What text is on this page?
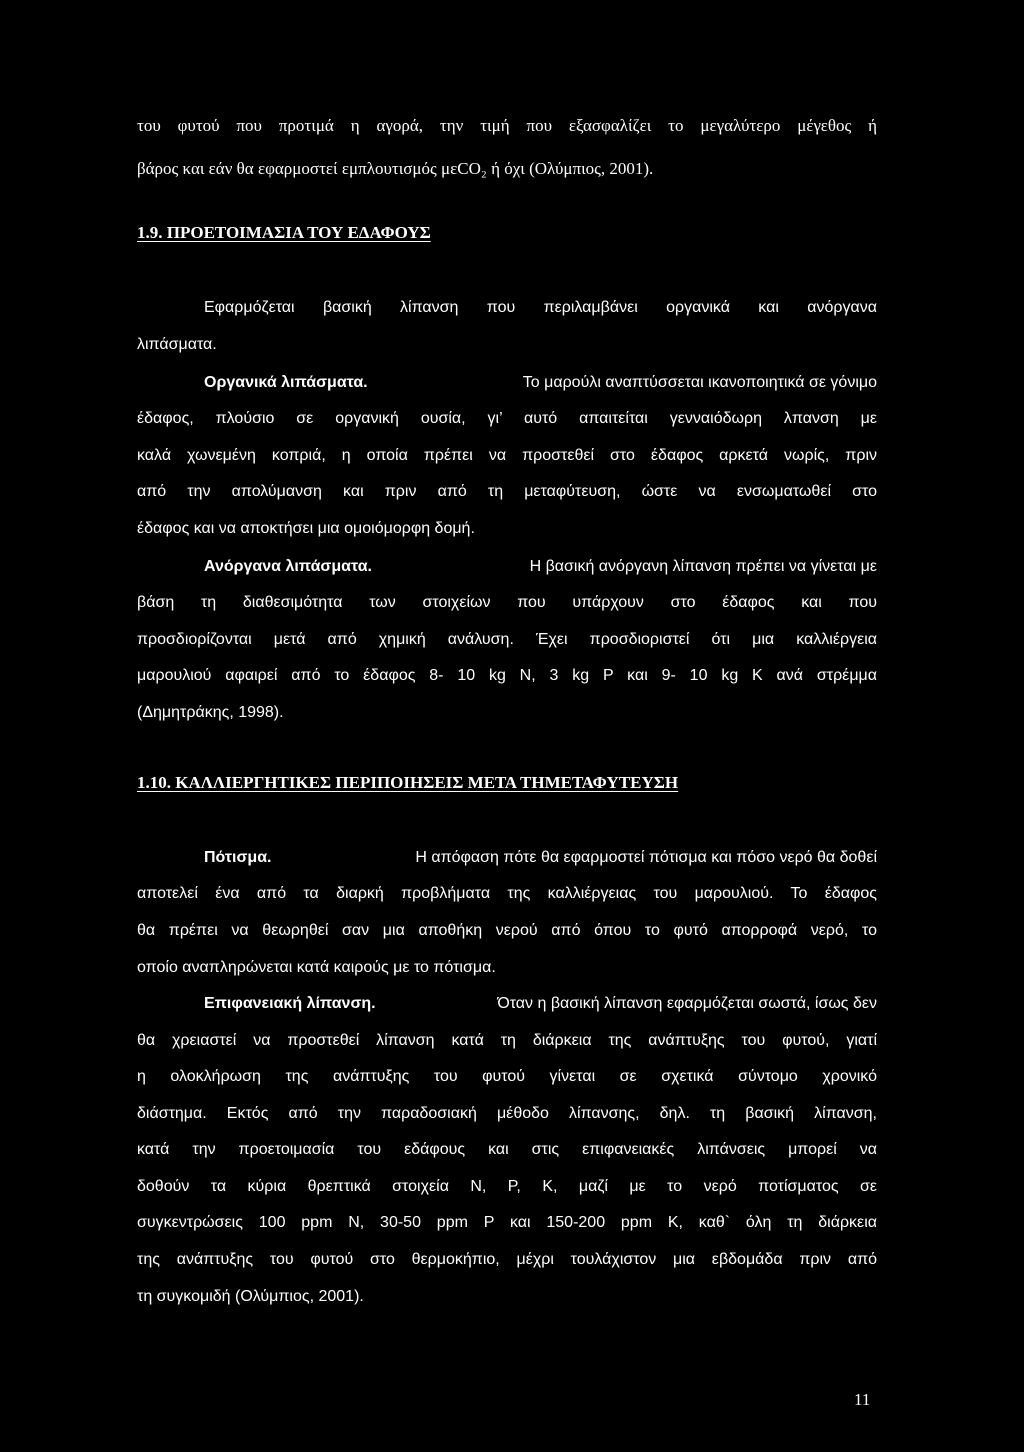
του φυτού που προτιμά η αγορά, την τιμή που εξασφαλίζει το μεγαλύτερο μέγεθος ή
βάρος και εάν θα εφαρμοστεί εμπλουτισμός μεCO₂ ή όχι (Ολύμπιος, 2001).
1.9. ΠΡΟΕΤΟΙΜΑΣΙΑ ΤΟΥ ΕΔΑΦΟΥΣ
Εφαρμόζεται βασική λίπανση που περιλαμβάνει οργανικά και ανόργανα
λιπάσματα.
Οργανικά λιπάσματα.	Το μαρούλι αναπτύσσεται ικανοποιητικά σε γόνιμο
έδαφος, πλούσιο σε οργανική ουσία, γι’ αυτό απαιτείται γενναιόδωρη λπανση με
καλά χωνεμένη κοπριά, η οποία πρέπει να προστεθεί στο έδαφος αρκετά νωρίς, πριν
από την απολύμανση και πριν από τη μεταφύτευση, ώστε να ενσωματωθεί στο
έδαφος και να αποκτήσει μια ομοιόμορφη δομή.
Ανόργανα λιπάσματα.	Η βασική ανόργανη λίπανση πρέπει να γίνεται με
βάση τη διαθεσιμότητα των στοιχείων που υπάρχουν στο έδαφος και που
προσδιορίζονται μετά από χημική ανάλυση. Έχει προσδιοριστεί ότι μια καλλιέργεια
μαρουλιού αφαιρεί από το έδαφος 8- 10 kg Ν, 3 kg Ρ και 9- 10 kg Κ ανά στρέμμα
(Δημητράκης, 1998).
1.10. ΚΑΛΛΙΕΡΓΗΤΙΚΕΣ ΠΕΡΙΠΟΙΗΣΕΙΣ ΜΕΤΑ ΤΗΜΕΤΑΦΥΤΕΥΣΗ
Πότισμα.	Η απόφαση πότε θα εφαρμοστεί πότισμα και πόσο νερό θα δοθεί
αποτελεί ένα από τα διαρκή προβλήματα της καλλιέργειας του μαρουλιού. Το έδαφος
θα πρέπει να θεωρηθεί σαν μια αποθήκη νερού από όπου το φυτό απορροφά νερό, το
οποίο αναπληρώνεται κατά καιρούς με το πότισμα.
Επιφανειακή λίπανση.	Όταν η βασική λίπανση εφαρμόζεται σωστά, ίσως δεν
θα χρειαστεί να προστεθεί λίπανση κατά τη διάρκεια της ανάπτυξης του φυτού, γιατί
η ολοκλήρωση της ανάπτυξης του φυτού γίνεται σε σχετικά σύντομο χρονικό
διάστημα. Εκτός από την παραδοσιακή μέθοδο λίπανσης, δηλ. τη βασική λίπανση,
κατά την προετοιμασία του εδάφους και στις επιφανειακές λιπάνσεις μπορεί να
δοθούν τα κύρια θρεπτικά στοιχεία Ν, Ρ, Κ, μαζί με το νερό ποτίσματος σε
συγκεντρώσεις 100 ppm Ν, 30-50 ppm Ρ και 150-200 ppm Κ, καθ` όλη τη διάρκεια
της ανάπτυξης του φυτού στο θερμοκήπιο, μέχρι τουλάχιστον μια εβδομάδα πριν από
τη συγκομιδή (Ολύμπιος, 2001).
11
